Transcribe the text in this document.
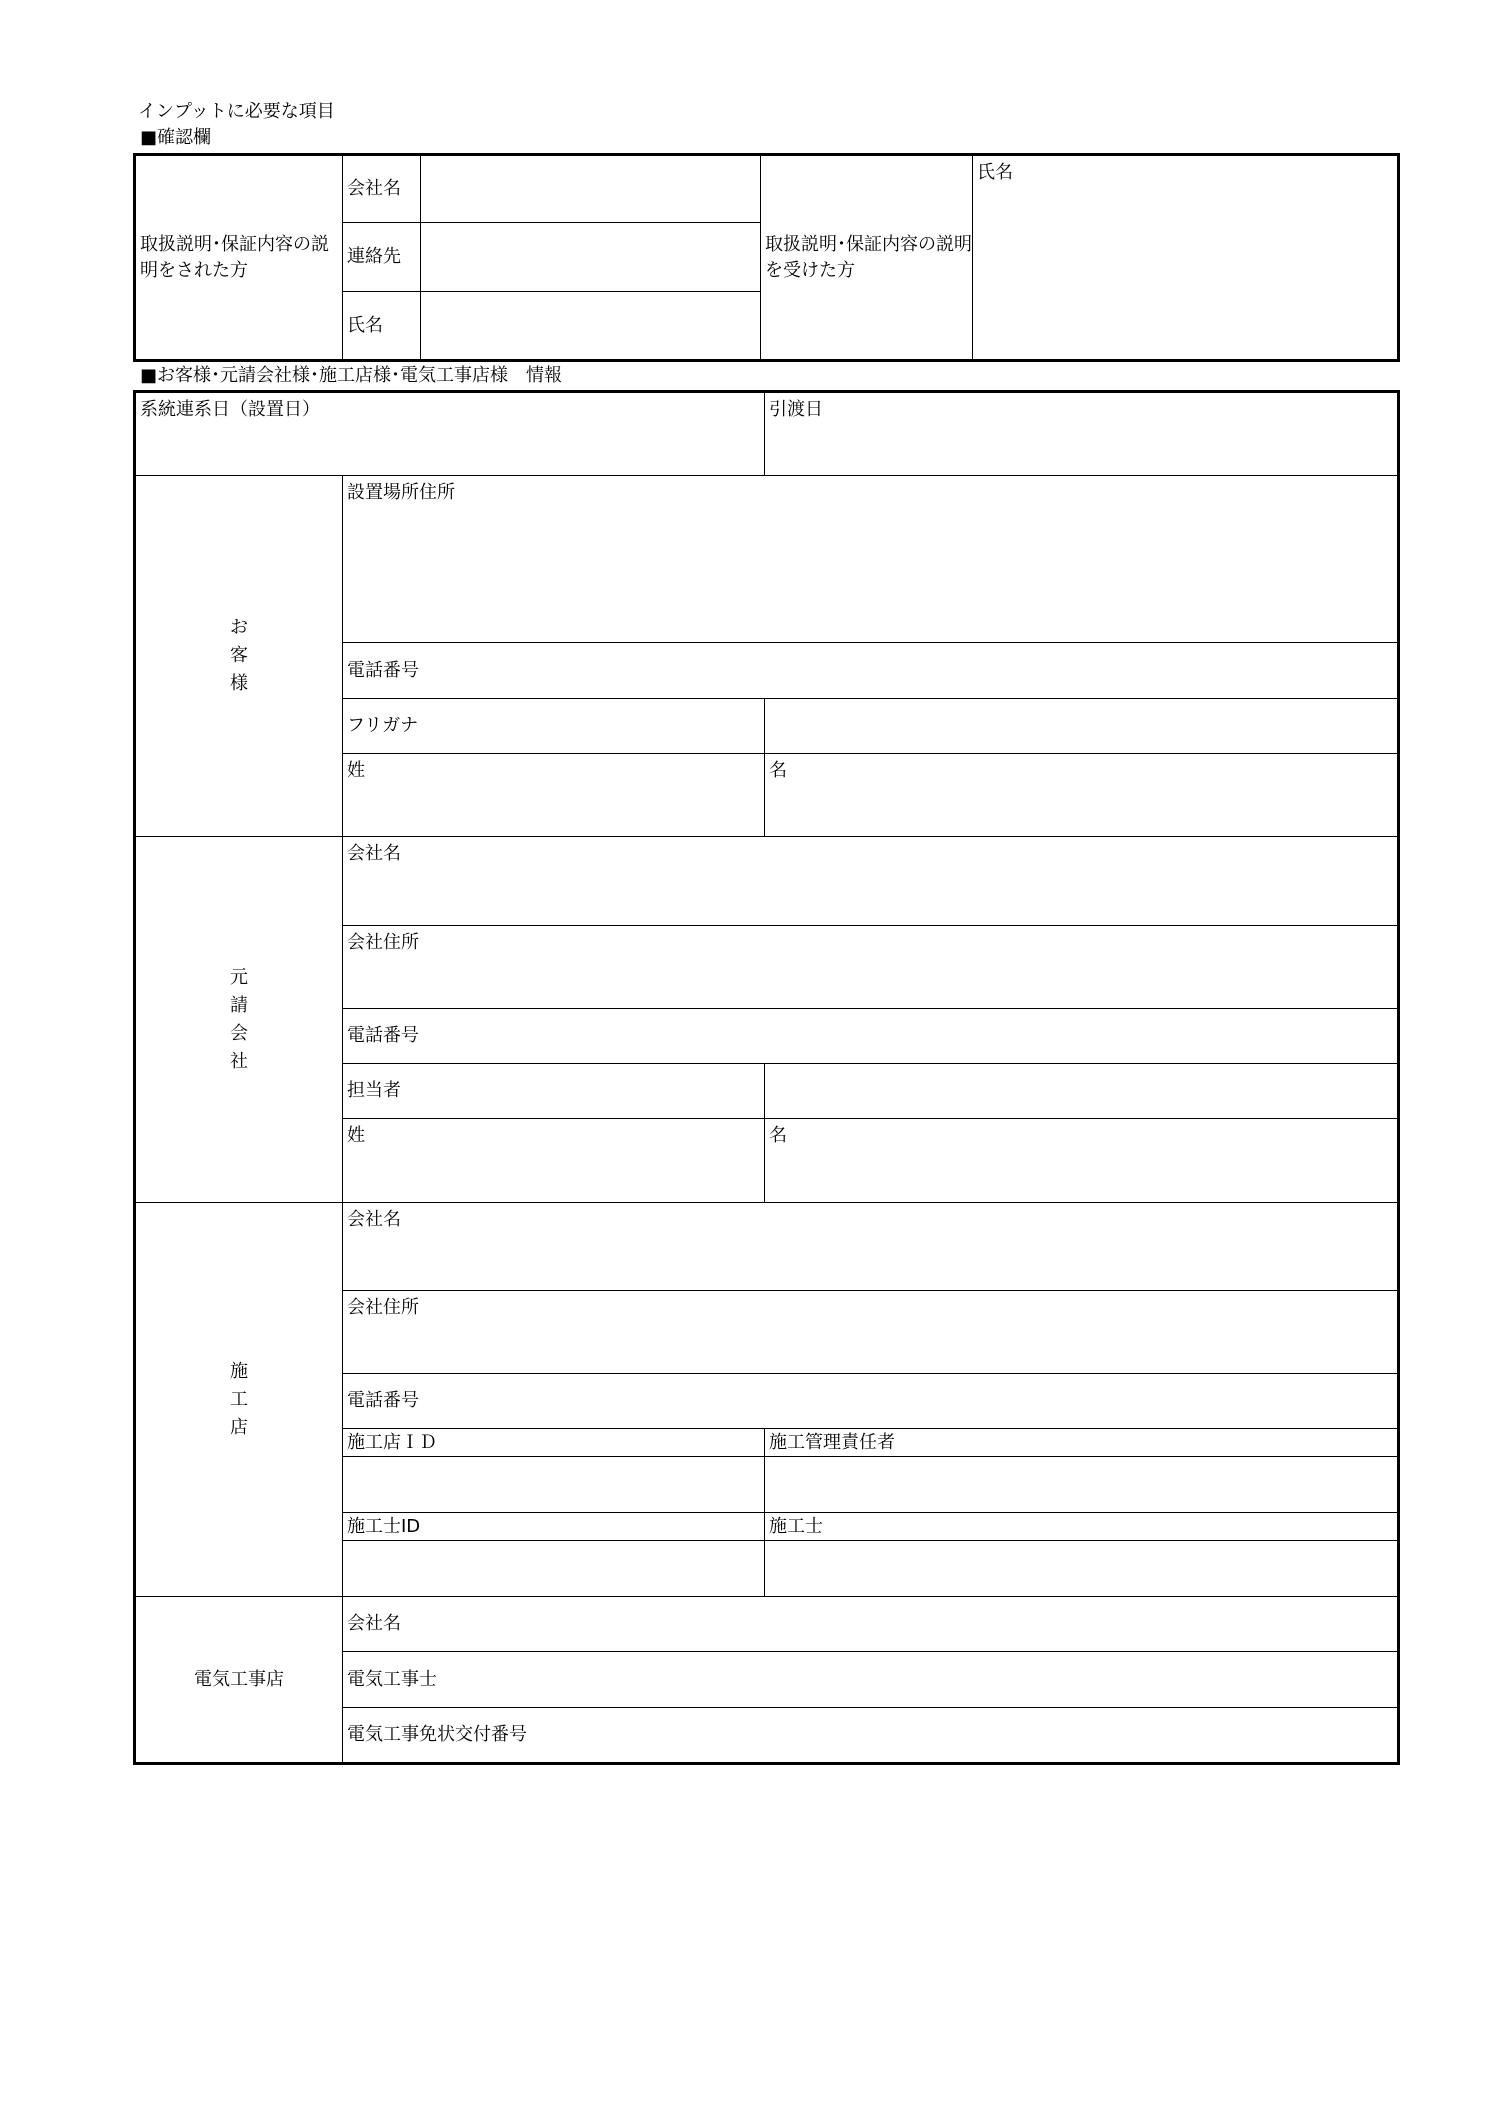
インプットに必要な項目
■確認欄
取扱説明･保証内容の説明をされた方	会社名		取扱説明･保証内容の説明を受けた方	氏名
	連絡先			
	氏名			
■お客様･元請会社様･施工店様･電気工事店様　情報
系統連系日（設置日）		引渡日
お客様	設置場所住所	
	電話番号	
	フリガナ	
	姓	名
元請会社	会社名	
	会社住所	
	電話番号	
	担当者	
	姓	名
施工店	会社名	
	会社住所	
	電話番号	
	施工店ＩＤ	施工管理責任者

	施工士ID	施工士

電気工事店	会社名	
	電気工事士	
	電気工事免状交付番号	
